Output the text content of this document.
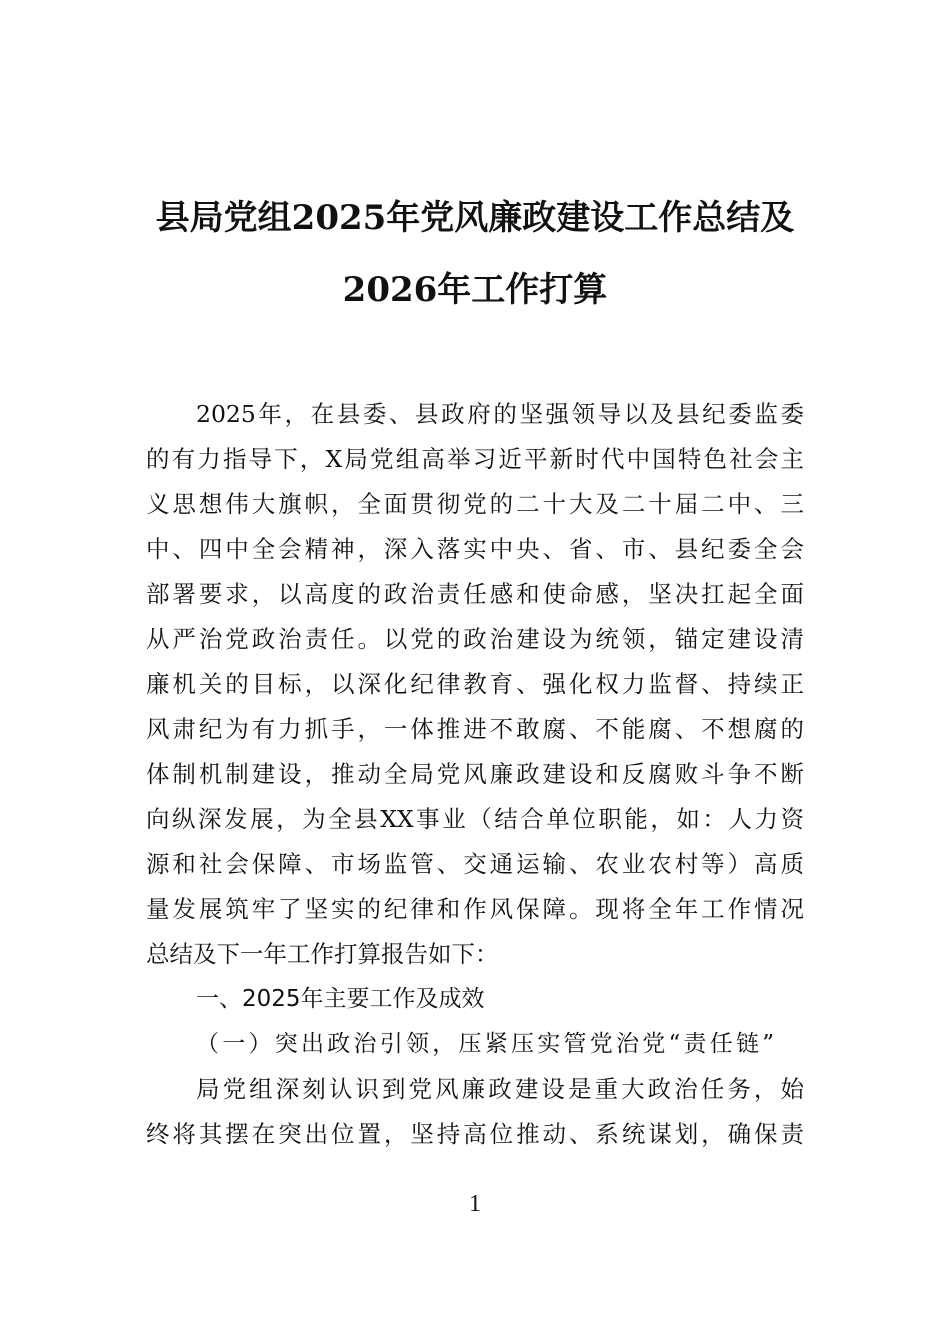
县局党组2025年党风廉政建设工作总结及
2026年工作打算
2025年，在县委、县政府的坚强领导以及县纪委监委
的有力指导下，X局党组高举习近平新时代中国特色社会主
义思想伟大旗帜，全面贯彻党的二十大及二十届二中、三
中、四中全会精神，深入落实中央、省、市、县纪委全会
部署要求，以高度的政治责任感和使命感，坚决扛起全面
从严治党政治责任。以党的政治建设为统领，锚定建设清
廉机关的目标，以深化纪律教育、强化权力监督、持续正
风肃纪为有力抓手，一体推进不敢腐、不能腐、不想腐的
体制机制建设，推动全局党风廉政建设和反腐败斗争不断
向纵深发展，为全县XX事业（结合单位职能，如：人力资
源和社会保障、市场监管、交通运输、农业农村等）高质
量发展筑牢了坚实的纪律和作风保障。现将全年工作情况
总结及下一年工作打算报告如下：
一、2025年主要工作及成效
（一）突出政治引领，压紧压实管党治党“责任链”
局党组深刻认识到党风廉政建设是重大政治任务，始
终将其摆在突出位置，坚持高位推动、系统谋划，确保责
1
